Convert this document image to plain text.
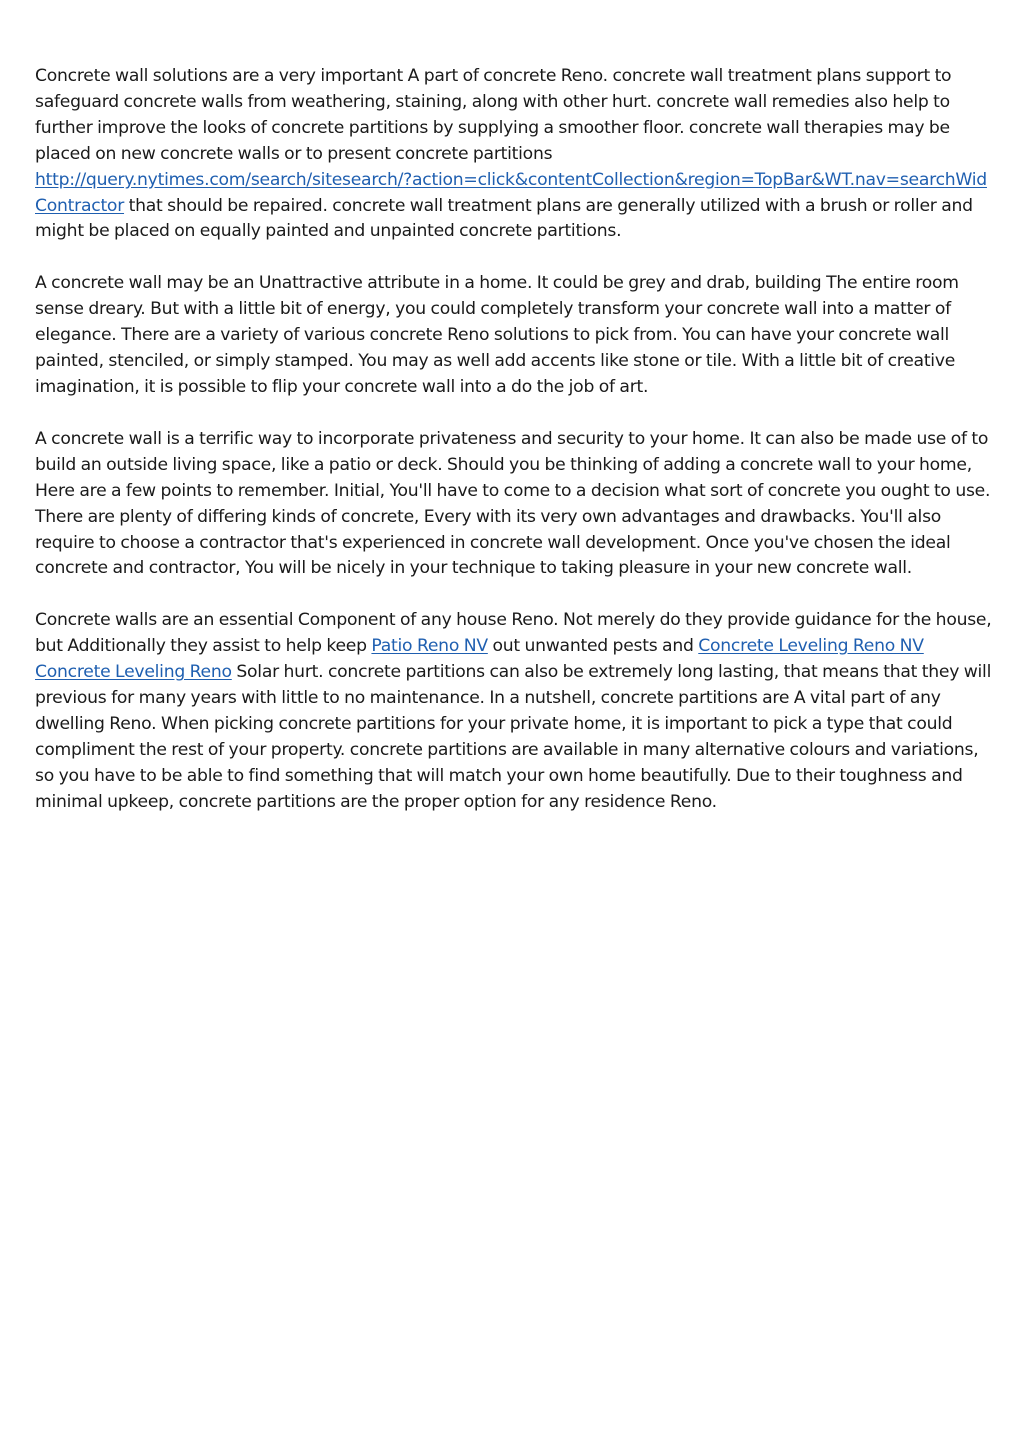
Concrete wall solutions are a very important A part of concrete Reno. concrete wall treatment plans support to safeguard concrete walls from weathering, staining, along with other hurt. concrete wall remedies also help to further improve the looks of concrete partitions by supplying a smoother floor. concrete wall therapies may be placed on new concrete walls or to present concrete partitions
http://query.nytimes.com/search/sitesearch/?action=click&contentCollection&region=TopBar&WT.nav=searchWid
Contractor that should be repaired. concrete wall treatment plans are generally utilized with a brush or roller and might be placed on equally painted and unpainted concrete partitions.

A concrete wall may be an Unattractive attribute in a home. It could be grey and drab, building The entire room sense dreary. But with a little bit of energy, you could completely transform your concrete wall into a matter of elegance. There are a variety of various concrete Reno solutions to pick from. You can have your concrete wall painted, stenciled, or simply stamped. You may as well add accents like stone or tile. With a little bit of creative imagination, it is possible to flip your concrete wall into a do the job of art.

A concrete wall is a terrific way to incorporate privateness and security to your home. It can also be made use of to build an outside living space, like a patio or deck. Should you be thinking of adding a concrete wall to your home, Here are a few points to remember. Initial, You'll have to come to a decision what sort of concrete you ought to use. There are plenty of differing kinds of concrete, Every with its very own advantages and drawbacks. You'll also require to choose a contractor that's experienced in concrete wall development. Once you've chosen the ideal concrete and contractor, You will be nicely in your technique to taking pleasure in your new concrete wall.

Concrete walls are an essential Component of any house Reno. Not merely do they provide guidance for the house, but Additionally they assist to help keep Patio Reno NV out unwanted pests and Concrete Leveling Reno NV Concrete Leveling Reno Solar hurt. concrete partitions can also be extremely long lasting, that means that they will previous for many years with little to no maintenance. In a nutshell, concrete partitions are A vital part of any dwelling Reno. When picking concrete partitions for your private home, it is important to pick a type that could compliment the rest of your property. concrete partitions are available in many alternative colours and variations, so you have to be able to find something that will match your own home beautifully. Due to their toughness and minimal upkeep, concrete partitions are the proper option for any residence Reno.
